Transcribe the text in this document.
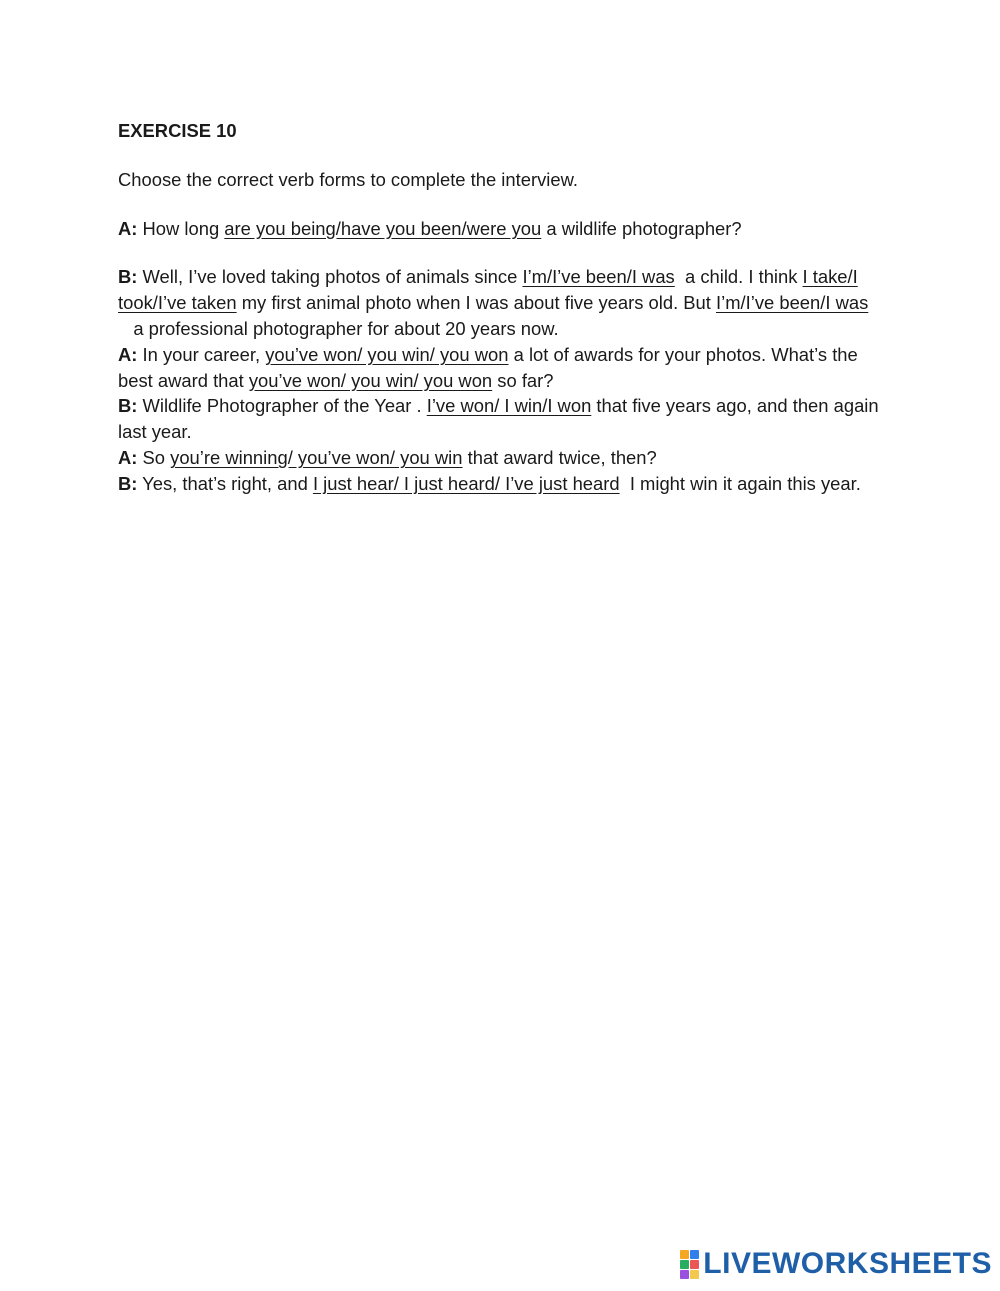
EXERCISE 10
Choose the correct verb forms to complete the interview.
A: How long are you being/have you been/were you a wildlife photographer?
B: Well, I’ve loved taking photos of animals since I’m/I’ve been/I was  a child. I think I take/I took/I’ve taken my first animal photo when I was about five years old. But I’m/I’ve been/I was   a professional photographer for about 20 years now.
A: In your career, you’ve won/ you win/ you won a lot of awards for your photos. What’s the best award that you’ve won/ you win/ you won so far?
B: Wildlife Photographer of the Year . I’ve won/ I win/I won that five years ago, and then again last year.
A: So you’re winning/ you’ve won/ you win that award twice, then?
B: Yes, that’s right, and I just hear/ I just heard/ I’ve just heard  I might win it again this year.
LIVEWORKSHEETS
